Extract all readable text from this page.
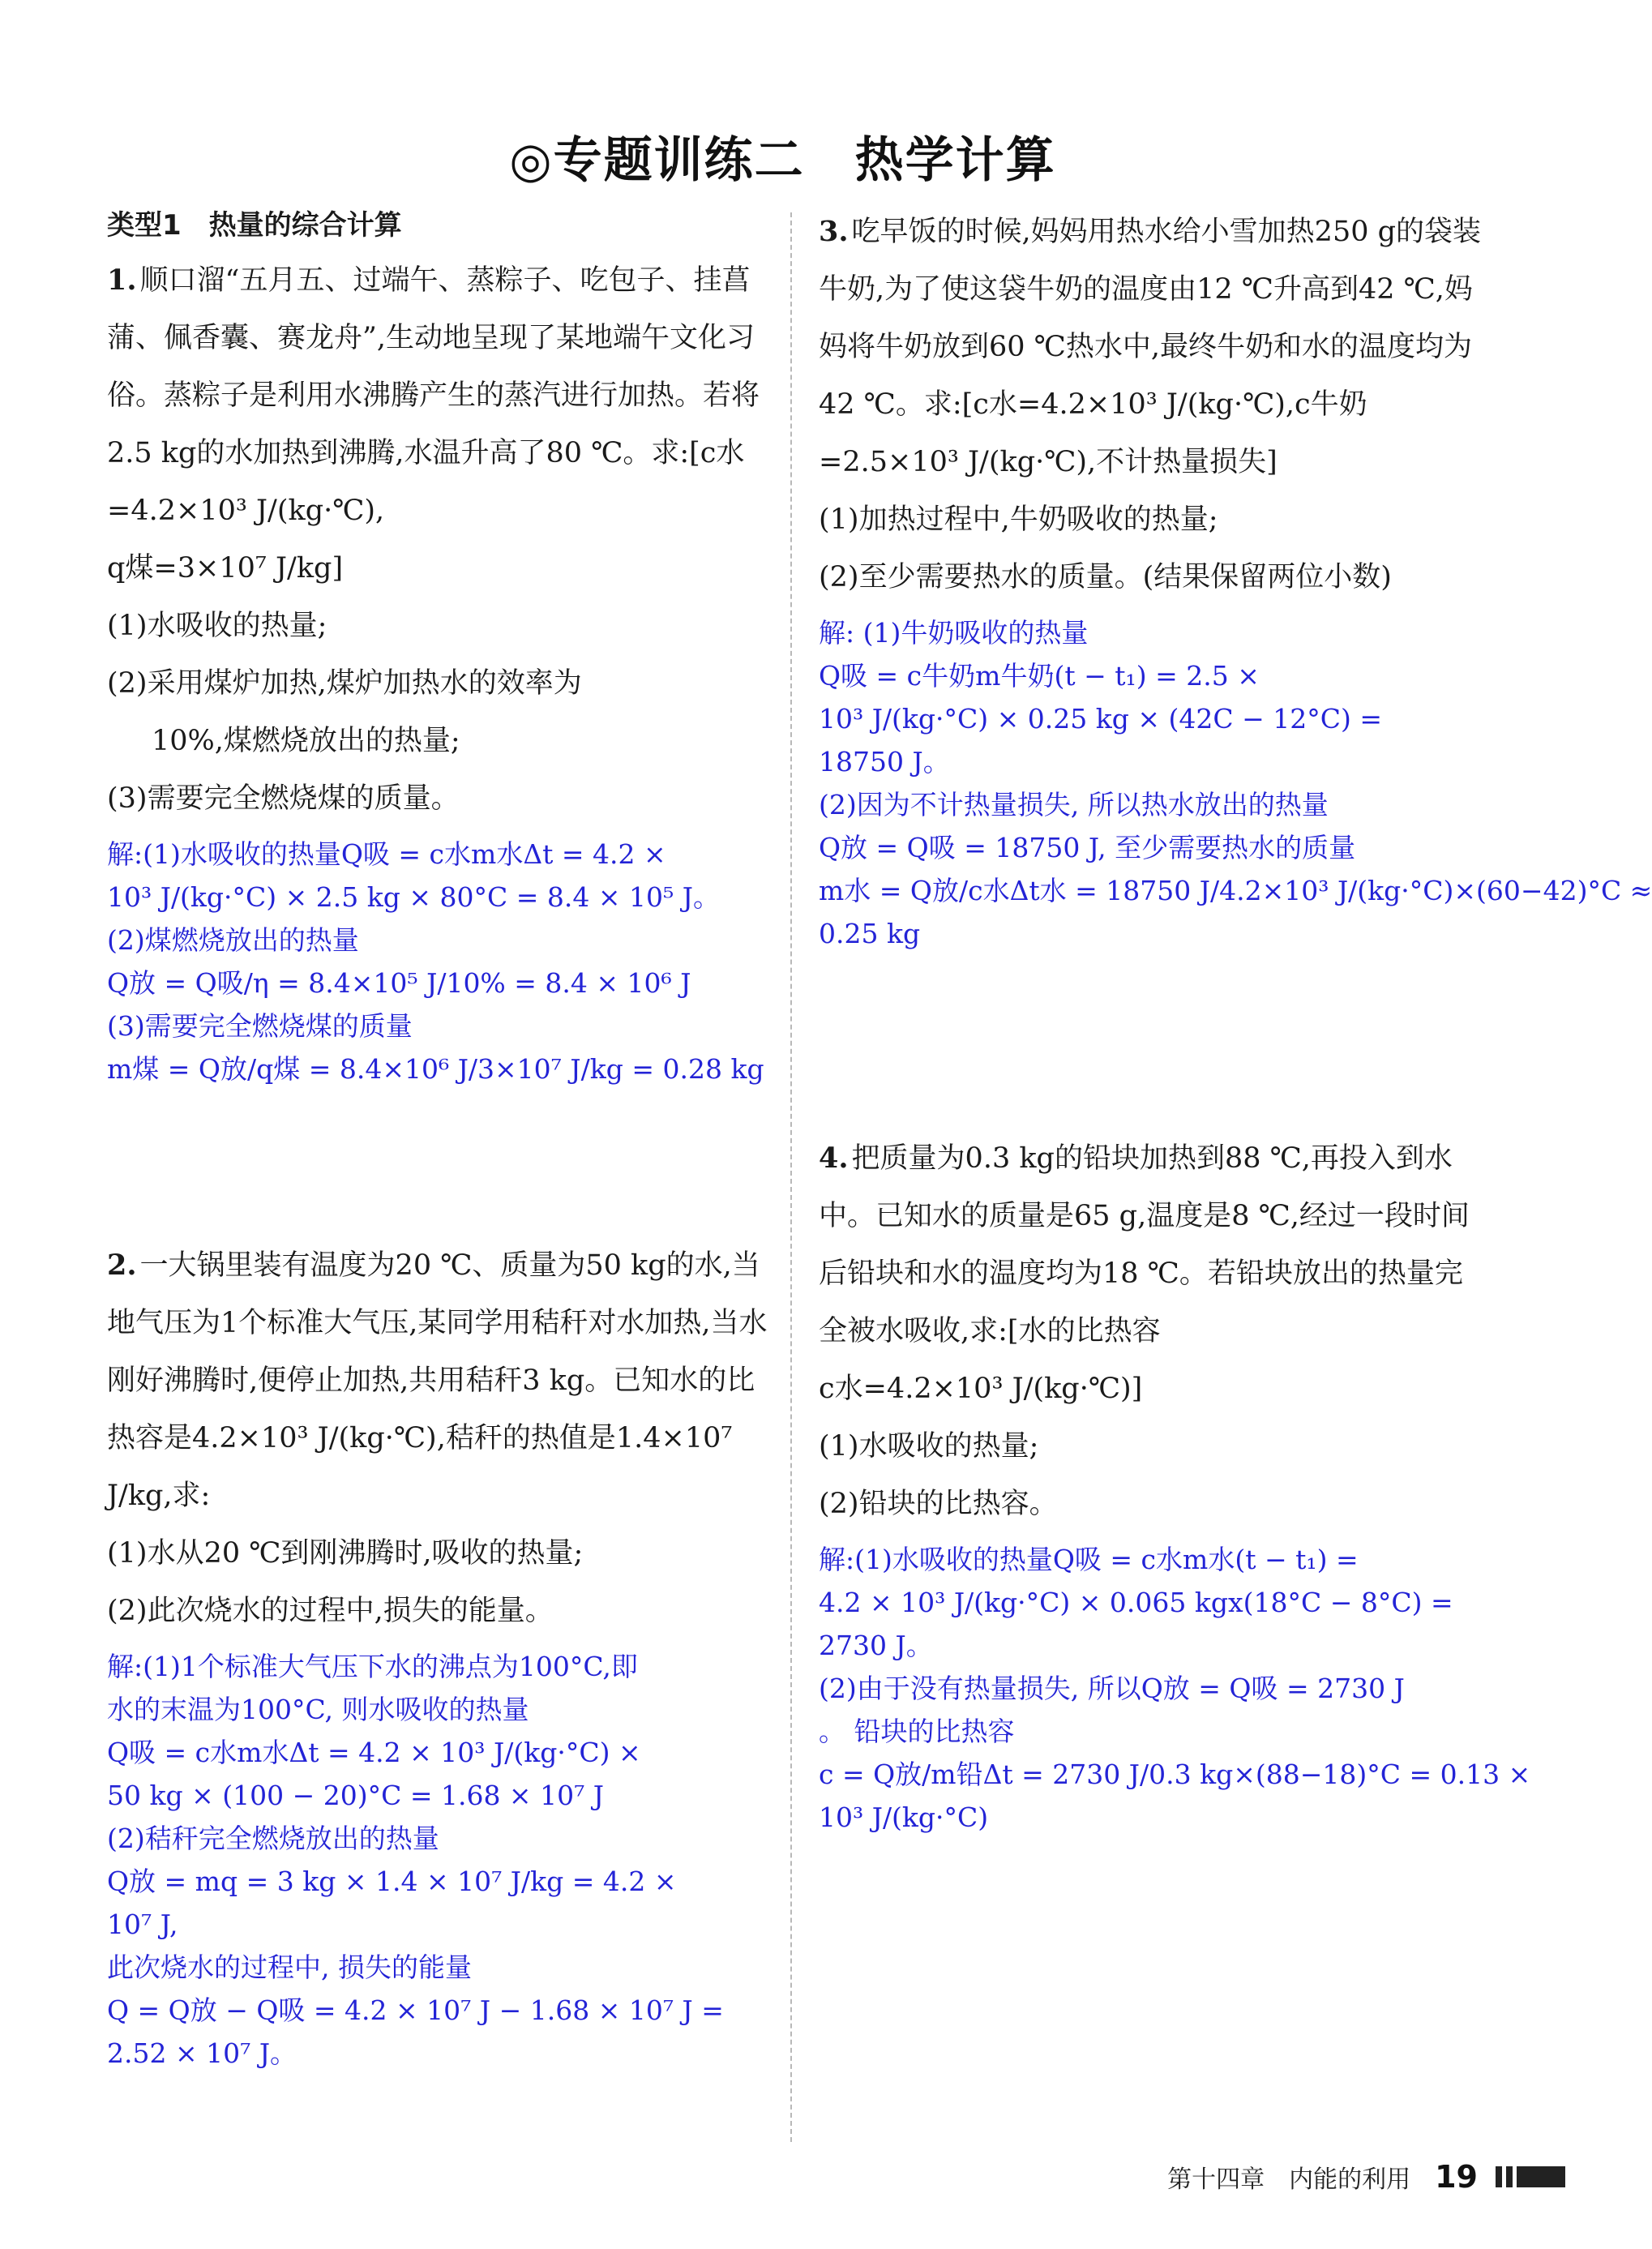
◎专题训练二　热学计算
类型1　热量的综合计算

1. 顺口溜“五月五、过端午、蒸粽子、吃包子、挂菖蒲、佩香囊、赛龙舟”,生动地呈现了某地端午文化习俗。蒸粽子是利用水沸腾产生的蒸汽进行加热。若将2.5 kg的水加热到沸腾,水温升高了80 ℃。求:[c水=4.2×10³ J/(kg·℃),

q煤=3×10⁷ J/kg]

(1)水吸收的热量;

(2)采用煤炉加热,煤炉加热水的效率为

10%,煤燃烧放出的热量;

(3)需要完全燃烧煤的质量。

解:(1)水吸收的热量Q吸 = c水m水Δt = 4.2 ×
10³ J/(kg·°C) × 2.5 kg × 80°C = 8.4 × 10⁵ J。
(2)煤燃烧放出的热量
Q放 = Q吸/η = 8.4×10⁵ J/10% = 8.4 × 10⁶ J
(3)需要完全燃烧煤的质量
m煤 = Q放/q煤 = 8.4×10⁶ J/3×10⁷ J/kg = 0.28 kg

2. 一大锅里装有温度为20 ℃、质量为50 kg的水,当地气压为1个标准大气压,某同学用秸秆对水加热,当水刚好沸腾时,便停止加热,共用秸秆3 kg。已知水的比热容是4.2×10³ J/(kg·℃),秸秆的热值是1.4×10⁷ J/kg,求:

(1)水从20 ℃到刚沸腾时,吸收的热量;

(2)此次烧水的过程中,损失的能量。

解:(1)1个标准大气压下水的沸点为100°C,即
水的末温为100°C, 则水吸收的热量
Q吸 = c水m水Δt = 4.2 × 10³ J/(kg·°C) ×
50 kg × (100 − 20)°C = 1.68 × 10⁷ J
(2)秸秆完全燃烧放出的热量
Q放 = mq = 3 kg × 1.4 × 10⁷ J/kg = 4.2 ×
10⁷ J,
此次烧水的过程中, 损失的能量
Q = Q放 − Q吸 = 4.2 × 10⁷ J − 1.68 × 10⁷ J =
2.52 × 10⁷ J。

3. 吃早饭的时候,妈妈用热水给小雪加热250 g的袋装牛奶,为了使这袋牛奶的温度由12 ℃升高到42 ℃,妈妈将牛奶放到60 ℃热水中,最终牛奶和水的温度均为42 ℃。求:[c水=4.2×10³ J/(kg·℃),c牛奶=2.5×10³ J/(kg·℃),不计热量损失]

(1)加热过程中,牛奶吸收的热量;

(2)至少需要热水的质量。(结果保留两位小数)

解: (1)牛奶吸收的热量
Q吸 = c牛奶m牛奶(t − t₁) = 2.5 ×
10³ J/(kg·°C) × 0.25 kg × (42C − 12°C) =
18750 J。
(2)因为不计热量损失, 所以热水放出的热量
Q放 = Q吸 = 18750 J, 至少需要热水的质量
m水 = Q放/c水Δt水 = 18750 J/4.2×10³ J/(kg·°C)×(60−42)°C ≈
0.25 kg

4. 把质量为0.3 kg的铅块加热到88 ℃,再投入到水中。已知水的质量是65 g,温度是8 ℃,经过一段时间后铅块和水的温度均为18 ℃。若铅块放出的热量完全被水吸收,求:[水的比热容

c水=4.2×10³ J/(kg·℃)]

(1)水吸收的热量;

(2)铅块的比热容。

解:(1)水吸收的热量Q吸 = c水m水(t − t₁) =
4.2 × 10³ J/(kg·°C) × 0.065 kgx(18°C − 8°C) =
2730 J。
(2)由于没有热量损失, 所以Q放 = Q吸 = 2730 J
。 铅块的比热容
c = Q放/m铅Δt = 2730 J/0.3 kg×(88−18)°C = 0.13 ×
10³ J/(kg·°C)
第十四章　内能的利用 19
